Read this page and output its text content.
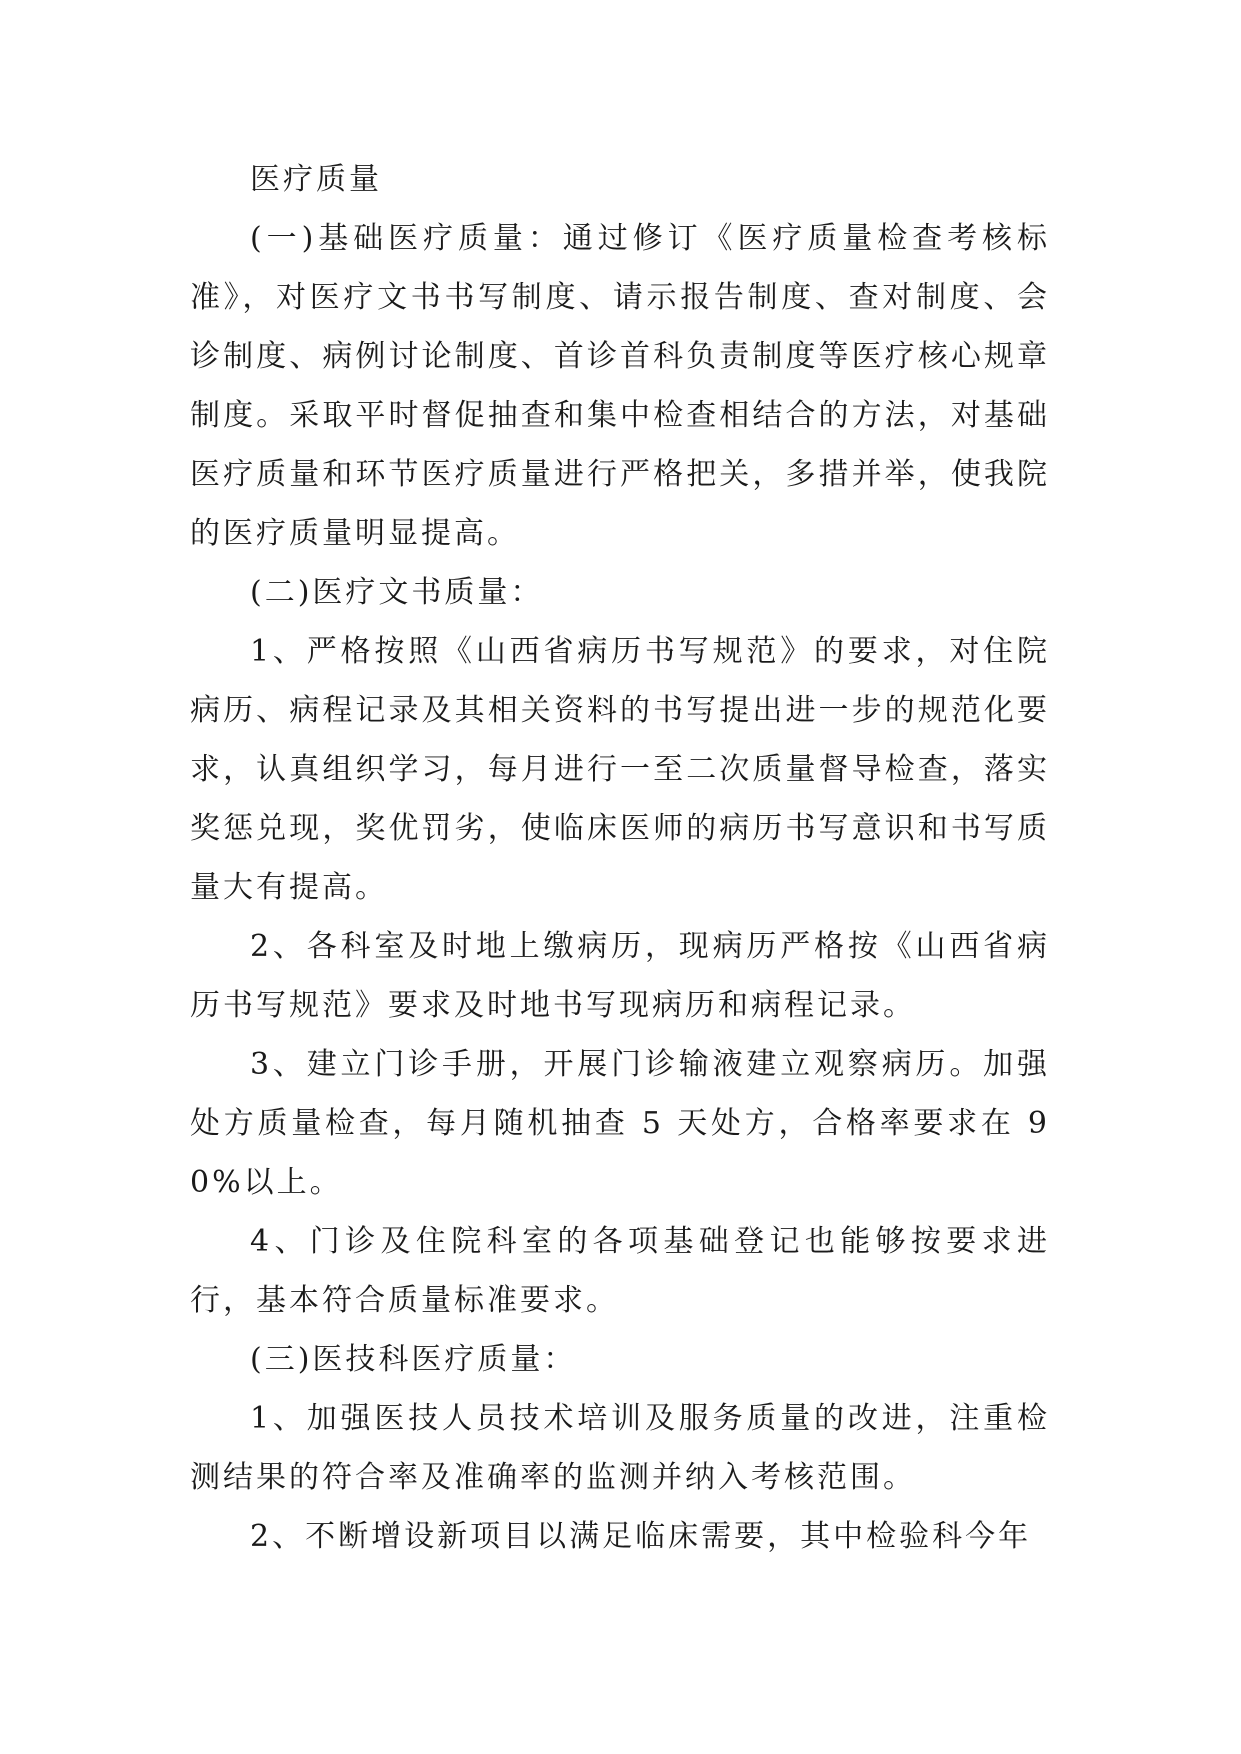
医疗质量

(一)基础医疗质量：通过修订《医疗质量检查考核标准》，对医疗文书书写制度、请示报告制度、查对制度、会诊制度、病例讨论制度、首诊首科负责制度等医疗核心规章制度。采取平时督促抽查和集中检查相结合的方法，对基础医疗质量和环节医疗质量进行严格把关，多措并举，使我院的医疗质量明显提高。

(二)医疗文书质量：

1、严格按照《山西省病历书写规范》的要求，对住院病历、病程记录及其相关资料的书写提出进一步的规范化要求，认真组织学习，每月进行一至二次质量督导检查，落实奖惩兑现，奖优罚劣，使临床医师的病历书写意识和书写质量大有提高。

2、各科室及时地上缴病历，现病历严格按《山西省病历书写规范》要求及时地书写现病历和病程记录。

3、建立门诊手册，开展门诊输液建立观察病历。加强处方质量检查，每月随机抽查 5 天处方，合格率要求在 90%以上。

4、门诊及住院科室的各项基础登记也能够按要求进行，基本符合质量标准要求。

(三)医技科医疗质量：

1、加强医技人员技术培训及服务质量的改进，注重检测结果的符合率及准确率的监测并纳入考核范围。

2、不断增设新项目以满足临床需要，其中检验科今年
